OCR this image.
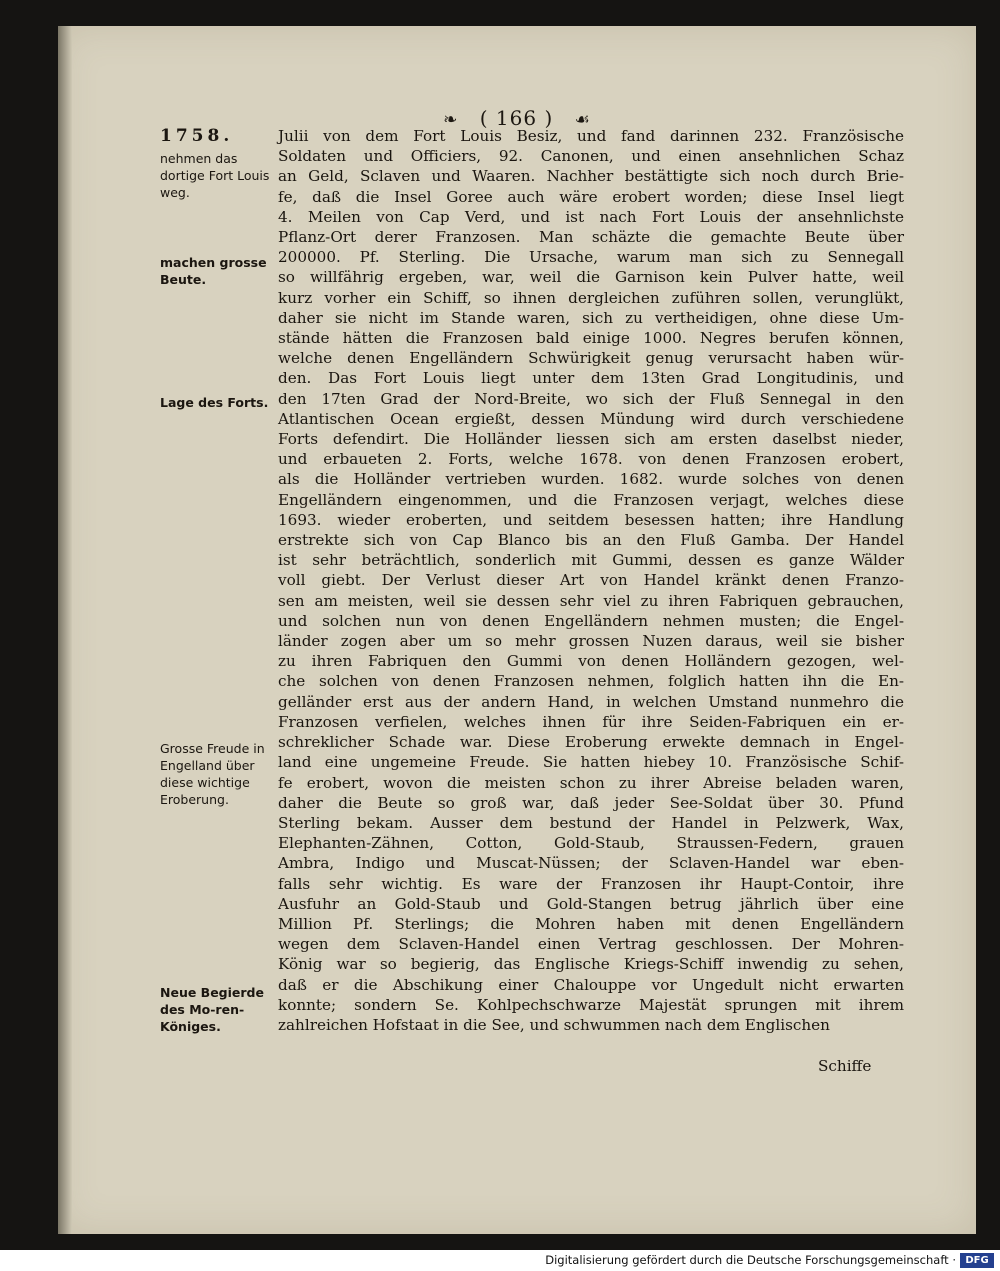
❧ ( 166 ) ☙
1758.
nehmen das dortige Fort Louis weg.
machen grosse Beute.
Lage des Forts.
Grosse Freude in Engelland über diese wichtige Eroberung.
Neue Begierde des Mo-ren-Königes.
Julii von dem Fort Louis Besiz, und fand darinnen 232. Französische
Soldaten und Officiers, 92. Canonen, und einen ansehnlichen Schaz
an Geld, Sclaven und Waaren. Nachher bestättigte sich noch durch Brie-
fe, daß die Insel Goree auch wäre erobert worden; diese Insel liegt
4. Meilen von Cap Verd, und ist nach Fort Louis der ansehnlichste
Pflanz-Ort derer Franzosen. Man schäzte die gemachte Beute über
200000. Pf. Sterling. Die Ursache, warum man sich zu Sennegall
so willfährig ergeben, war, weil die Garnison kein Pulver hatte, weil
kurz vorher ein Schiff, so ihnen dergleichen zuführen sollen, verunglükt,
daher sie nicht im Stande waren, sich zu vertheidigen, ohne diese Um-
stände hätten die Franzosen bald einige 1000. Negres berufen können,
welche denen Engelländern Schwürigkeit genug verursacht haben wür-
den. Das Fort Louis liegt unter dem 13ten Grad Longitudinis, und
den 17ten Grad der Nord-Breite, wo sich der Fluß Sennegal in den
Atlantischen Ocean ergießt, dessen Mündung wird durch verschiedene
Forts defendirt. Die Holländer liessen sich am ersten daselbst nieder,
und erbaueten 2. Forts, welche 1678. von denen Franzosen erobert,
als die Holländer vertrieben wurden. 1682. wurde solches von denen
Engelländern eingenommen, und die Franzosen verjagt, welches diese
1693. wieder eroberten, und seitdem besessen hatten; ihre Handlung
erstrekte sich von Cap Blanco bis an den Fluß Gamba. Der Handel
ist sehr beträchtlich, sonderlich mit Gummi, dessen es ganze Wälder
voll giebt. Der Verlust dieser Art von Handel kränkt denen Franzo-
sen am meisten, weil sie dessen sehr viel zu ihren Fabriquen gebrauchen,
und solchen nun von denen Engelländern nehmen musten; die Engel-
länder zogen aber um so mehr grossen Nuzen daraus, weil sie bisher
zu ihren Fabriquen den Gummi von denen Holländern gezogen, wel-
che solchen von denen Franzosen nehmen, folglich hatten ihn die En-
gelländer erst aus der andern Hand, in welchen Umstand nunmehro die
Franzosen verfielen, welches ihnen für ihre Seiden-Fabriquen ein er-
schreklicher Schade war. Diese Eroberung erwekte demnach in Engel-
land eine ungemeine Freude. Sie hatten hiebey 10. Französische Schif-
fe erobert, wovon die meisten schon zu ihrer Abreise beladen waren,
daher die Beute so groß war, daß jeder See-Soldat über 30. Pfund
Sterling bekam. Ausser dem bestund der Handel in Pelzwerk, Wax,
Elephanten-Zähnen, Cotton, Gold-Staub, Straussen-Federn, grauen
Ambra, Indigo und Muscat-Nüssen; der Sclaven-Handel war eben-
falls sehr wichtig. Es ware der Franzosen ihr Haupt-Contoir, ihre
Ausfuhr an Gold-Staub und Gold-Stangen betrug jährlich über eine
Million Pf. Sterlings; die Mohren haben mit denen Engelländern
wegen dem Sclaven-Handel einen Vertrag geschlossen. Der Mohren-
König war so begierig, das Englische Kriegs-Schiff inwendig zu sehen,
daß er die Abschikung einer Chalouppe vor Ungedult nicht erwarten
konnte; sondern Se. Kohlpechschwarze Majestät sprungen mit ihrem
zahlreichen Hofstaat in die See, und schwummen nach dem Englischen
Schiffe
Digitalisierung gefördert durch die Deutsche Forschungsgemeinschaft · DFG
